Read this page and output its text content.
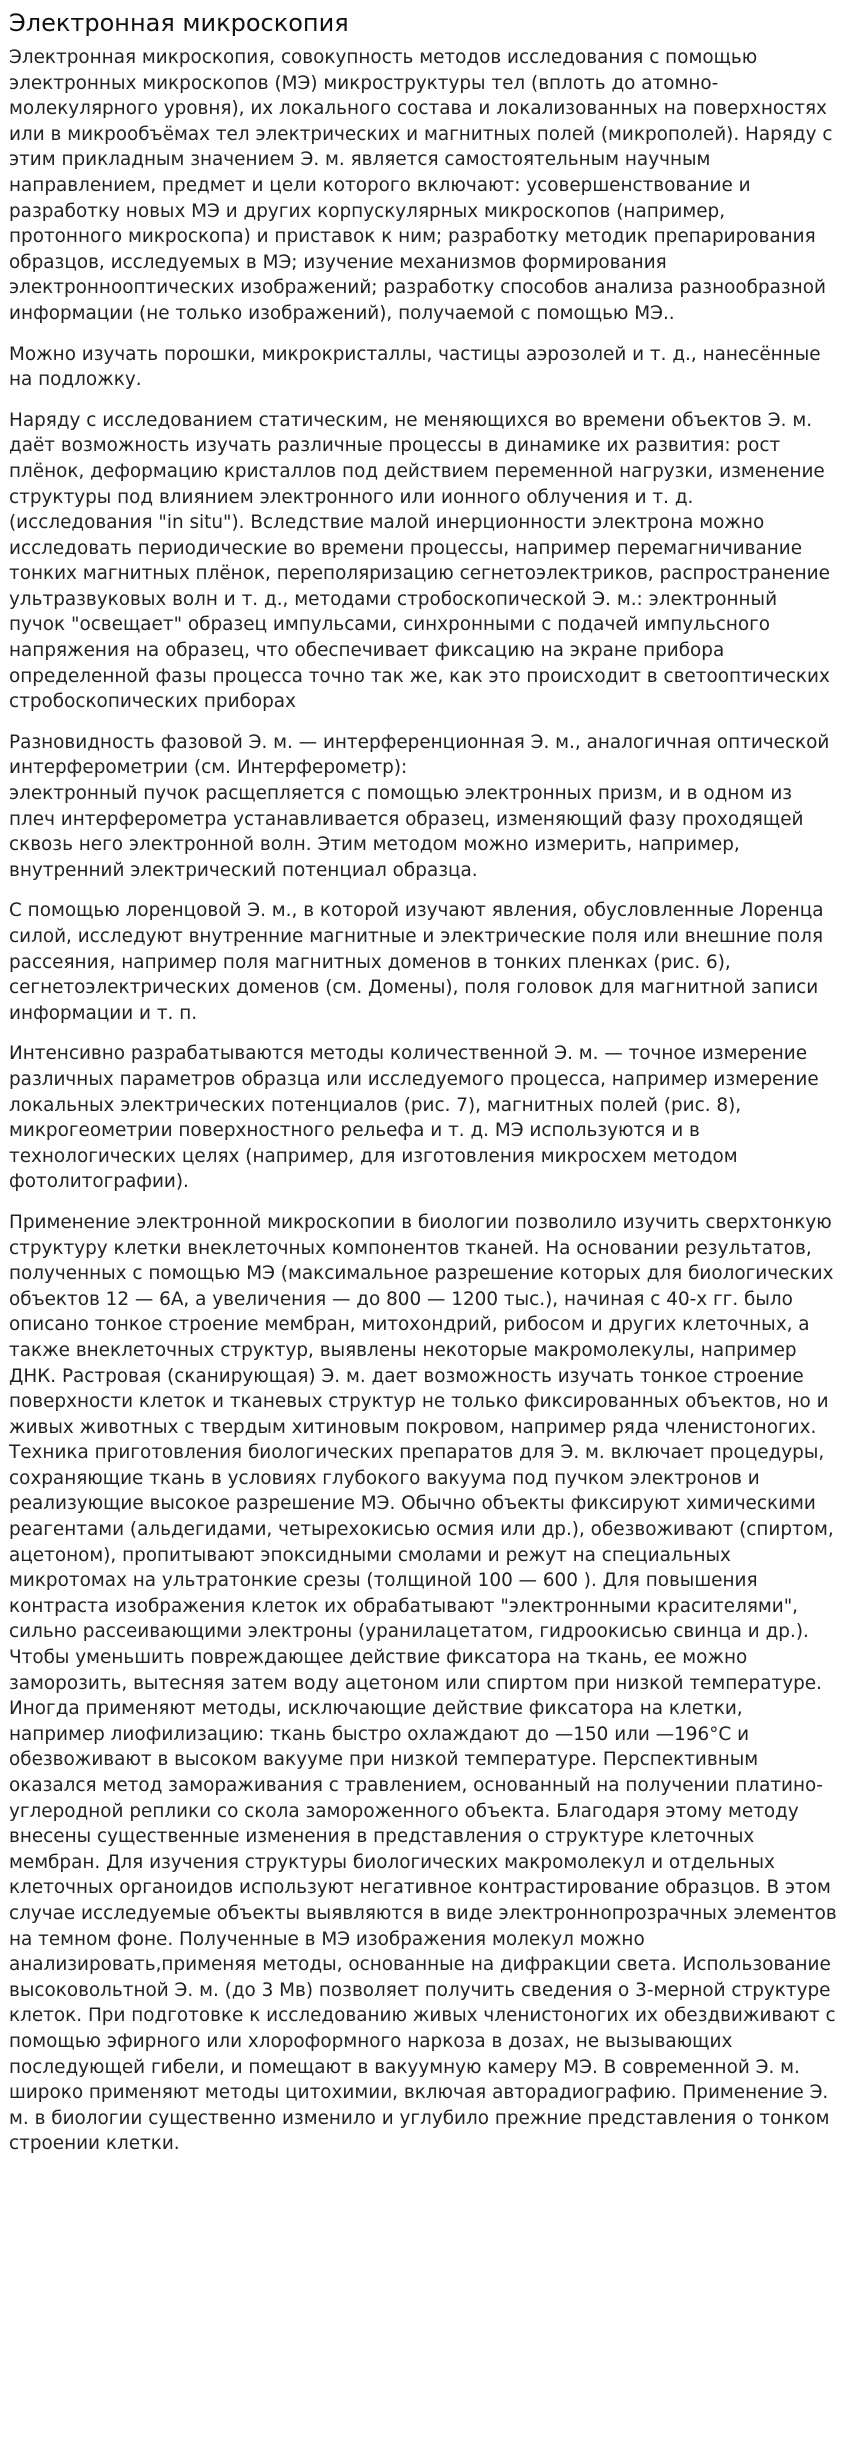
Электронная микроскопия

Электронная микроскопия, совокупность методов исследования с помощью электронных микроскопов (МЭ) микроструктуры тел (вплоть до атомно-молекулярного уровня), их локального состава и локализованных на поверхностях или в микрообъёмах тел электрических и магнитных полей (микрополей). Наряду с этим прикладным значением Э. м. является самостоятельным научным направлением, предмет и цели которого включают: усовершенствование и разработку новых МЭ и других корпускулярных микроскопов (например, протонного микроскопа) и приставок к ним; разработку методик препарирования образцов, исследуемых в МЭ; изучение механизмов формирования электроннооптических изображений; разработку способов анализа разнообразной информации (не только изображений), получаемой с помощью МЭ..

Можно изучать порошки, микрокристаллы, частицы аэрозолей и т. д., нанесённые на подложку.

Наряду с исследованием статическим, не меняющихся во времени объектов Э. м. даёт возможность изучать различные процессы в динамике их развития: рост плёнок, деформацию кристаллов под действием переменной нагрузки, изменение структуры под влиянием электронного или ионного облучения и т. д. (исследования "in situ"). Вследствие малой инерционности электрона можно исследовать периодические во времени процессы, например перемагничивание тонких магнитных плёнок, переполяризацию сегнетоэлектриков, распространение ультразвуковых волн и т. д., методами стробоскопической Э. м.: электронный пучок "освещает" образец импульсами, синхронными с подачей импульсного напряжения на образец, что обеспечивает фиксацию на экране прибора определенной фазы процесса точно так же, как это происходит в светооптических стробоскопических приборах

Разновидность фазовой Э. м. — интерференционная Э. м., аналогичная оптической интерферометрии (см. Интерферометр):
электронный пучок расщепляется с помощью электронных призм, и в одном из плеч интерферометра устанавливается образец, изменяющий фазу проходящей сквозь него электронной волн. Этим методом можно измерить, например, внутренний электрический потенциал образца.

С помощью лоренцовой Э. м., в которой изучают явления, обусловленные Лоренца силой, исследуют внутренние магнитные и электрические поля или внешние поля рассеяния, например поля магнитных доменов в тонких пленках (рис. 6), сегнетоэлектрических доменов (см. Домены), поля головок для магнитной записи информации и т. п.

Интенсивно разрабатываются методы количественной Э. м. — точное измерение различных параметров образца или исследуемого процесса, например измерение локальных электрических потенциалов (рис. 7), магнитных полей (рис. 8), микрогеометрии поверхностного рельефа и т. д. МЭ используются и в технологических целях (например, для изготовления микросхем методом фотолитографии).

Применение электронной микроскопии в биологии позволило изучить сверхтонкую структуру клетки внеклеточных компонентов тканей. На основании результатов, полученных с помощью МЭ (максимальное разрешение которых для биологических объектов 12 — 6А, а увеличения — до 800 — 1200 тыс.), начиная с 40-х гг. было описано тонкое строение мембран, митохондрий, рибосом и других клеточных, а также внеклеточных структур, выявлены некоторые макромолекулы, например ДНК. Растровая (сканирующая) Э. м. дает возможность изучать тонкое строение поверхности клеток и тканевых структур не только фиксированных объектов, но и живых животных с твердым хитиновым покровом, например ряда членистоногих. Техника приготовления биологических препаратов для Э. м. включает процедуры, сохраняющие ткань в условиях глубокого вакуума под пучком электронов и реализующие высокое разрешение МЭ. Обычно объекты фиксируют химическими реагентами (альдегидами, четырехокисью осмия или др.), обезвоживают (спиртом, ацетоном), пропитывают эпоксидными смолами и режут на специальных микротомах на ультратонкие срезы (толщиной 100 — 600 ). Для повышения контраста изображения клеток их обрабатывают "электронными красителями", сильно рассеивающими электроны (уранилацетатом, гидроокисью свинца и др.). Чтобы уменьшить повреждающее действие фиксатора на ткань, ее можно заморозить, вытесняя затем воду ацетоном или спиртом при низкой температуре. Иногда применяют методы, исключающие действие фиксатора на клетки, например лиофилизацию: ткань быстро охлаждают до —150 или —196°С и обезвоживают в высоком вакууме при низкой температуре. Перспективным оказался метод замораживания с травлением, основанный на получении платино-углеродной реплики со скола замороженного объекта. Благодаря этому методу внесены существенные изменения в представления о структуре клеточных мембран. Для изучения структуры биологических макромолекул и отдельных клеточных органоидов используют негативное контрастирование образцов. В этом случае исследуемые объекты выявляются в виде электроннопрозрачных элементов на темном фоне. Полученные в МЭ изображения молекул можно анализировать,применяя методы, основанные на дифракции света. Использование высоковольтной Э. м. (до 3 Мв) позволяет получить сведения о 3-мерной структуре клеток. При подготовке к исследованию живых членистоногих их обездвиживают с помощью эфирного или хлороформного наркоза в дозах, не вызывающих последующей гибели, и помещают в вакуумную камеру МЭ. В современной Э. м. широко применяют методы цитохимии, включая авторадиографию. Применение Э. м. в биологии существенно изменило и углубило прежние представления о тонком строении клетки.
